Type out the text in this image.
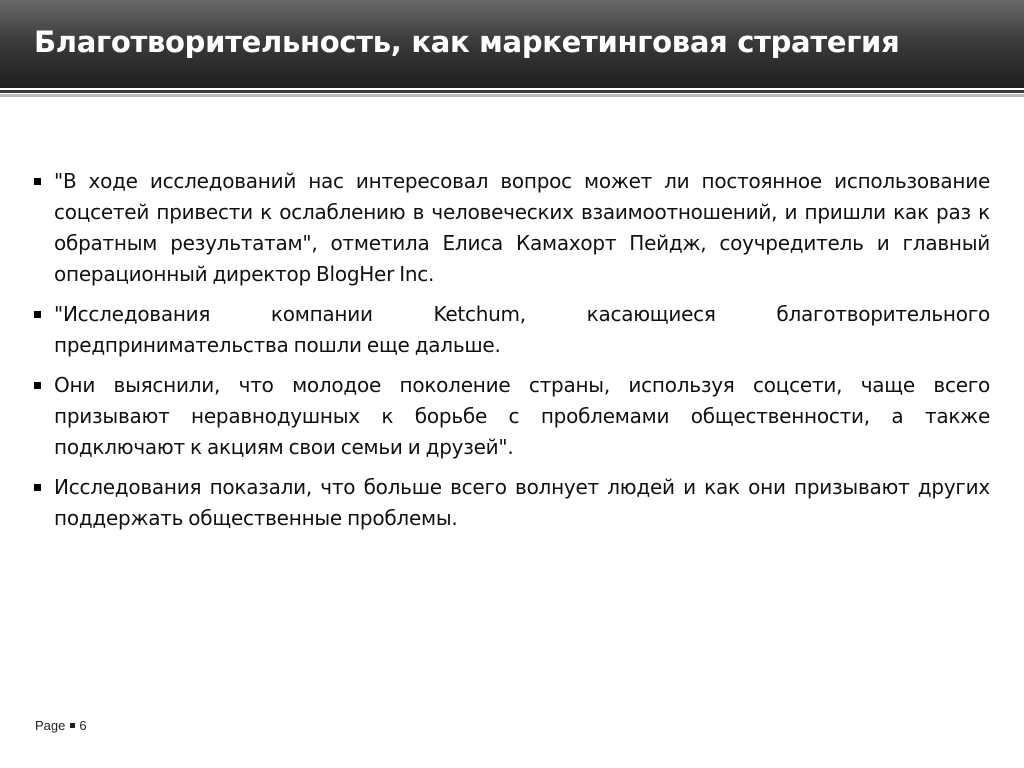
Благотворительность, как маркетинговая стратегия
"В ходе исследований нас интересовал вопрос может ли постоянное использование соцсетей привести к ослаблению в человеческих взаимоотношений, и пришли как раз к обратным результатам", отметила Елиса Камахорт Пейдж, соучредитель и главный операционный директор BlogHer Inc.
"Исследования компании Ketchum, касающиеся благотворительного предпринимательства пошли еще дальше.
Они выяснили, что молодое поколение страны, используя соцсети, чаще всего призывают неравнодушных к борьбе с проблемами общественности, а также подключают к акциям свои семьи и друзей".
Исследования показали, что больше всего волнует людей и как они призывают других поддержать общественные проблемы.
Page 6
